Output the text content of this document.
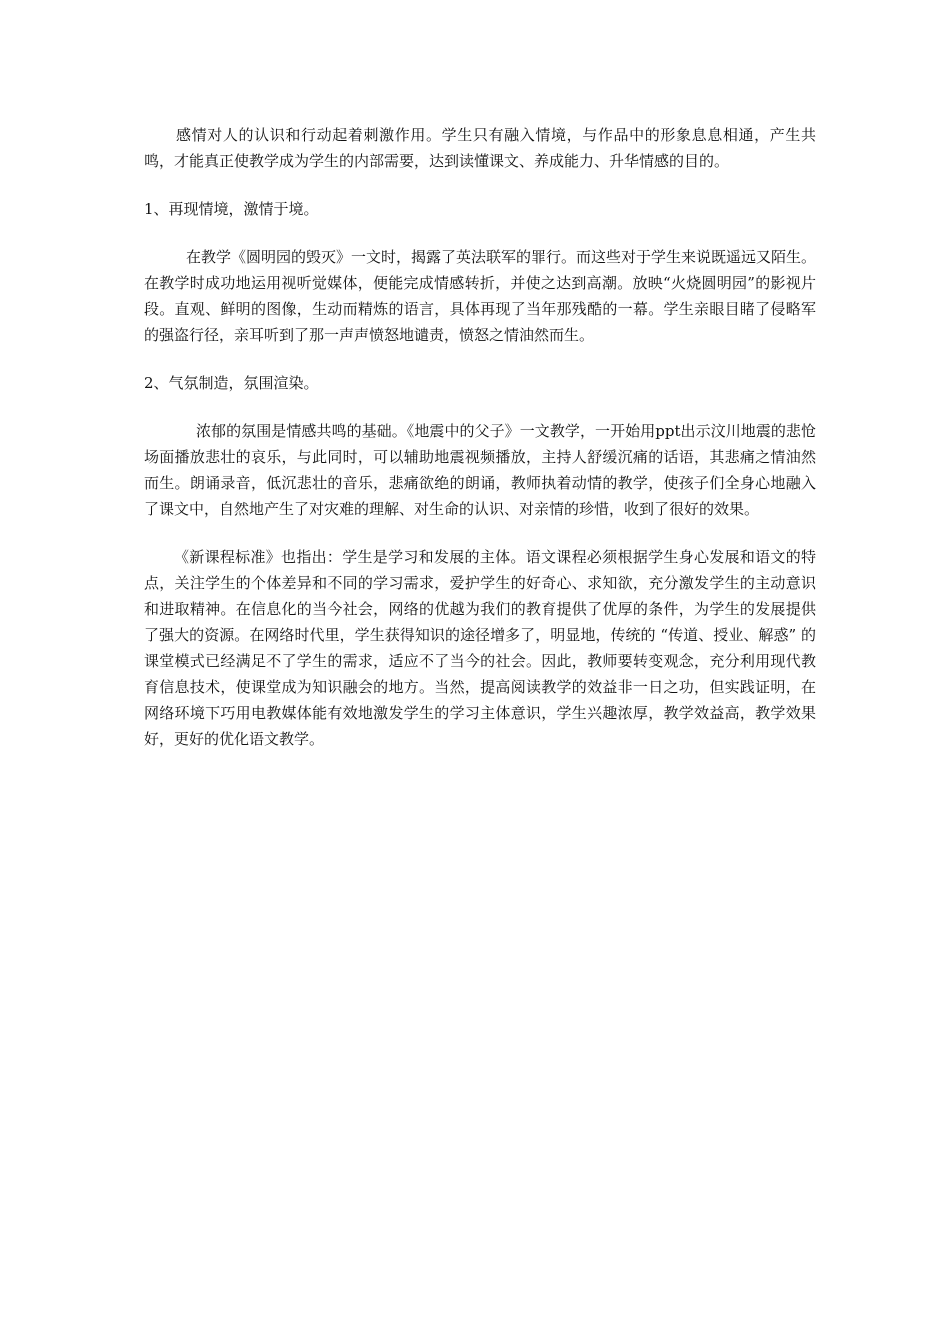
感情对人的认识和行动起着刺激作用。学生只有融入情境，与作品中的形象息息相通，产生共鸣，才能真正使教学成为学生的内部需要，达到读懂课文、养成能力、升华情感的目的。

1、再现情境，激情于境。

在教学《圆明园的毁灭》一文时，揭露了英法联军的罪行。而这些对于学生来说既遥远又陌生。在教学时成功地运用视听觉媒体，便能完成情感转折，并使之达到高潮。放映“火烧圆明园”的影视片段。直观、鲜明的图像，生动而精炼的语言，具体再现了当年那残酷的一幕。学生亲眼目睹了侵略军的强盗行径，亲耳听到了那一声声愤怒地谴责，愤怒之情油然而生。

2、气氛制造，氛围渲染。

浓郁的氛围是情感共鸣的基础。《地震中的父子》一文教学，一开始用ppt出示汶川地震的悲怆场面播放悲壮的哀乐，与此同时，可以辅助地震视频播放，主持人舒缓沉痛的话语，其悲痛之情油然而生。朗诵录音，低沉悲壮的音乐，悲痛欲绝的朗诵，教师执着动情的教学，使孩子们全身心地融入了课文中，自然地产生了对灾难的理解、对生命的认识、对亲情的珍惜，收到了很好的效果。

《新课程标准》也指出：学生是学习和发展的主体。语文课程必须根据学生身心发展和语文的特点，关注学生的个体差异和不同的学习需求，爱护学生的好奇心、求知欲，充分激发学生的主动意识和进取精神。在信息化的当今社会，网络的优越为我们的教育提供了优厚的条件，为学生的发展提供了强大的资源。在网络时代里，学生获得知识的途径增多了，明显地，传统的 “传道、授业、解惑” 的课堂模式已经满足不了学生的需求，适应不了当今的社会。因此，教师要转变观念，充分利用现代教育信息技术，使课堂成为知识融会的地方。当然，提高阅读教学的效益非一日之功，但实践证明，在网络环境下巧用电教媒体能有效地激发学生的学习主体意识，学生兴趣浓厚，教学效益高，教学效果好，更好的优化语文教学。
